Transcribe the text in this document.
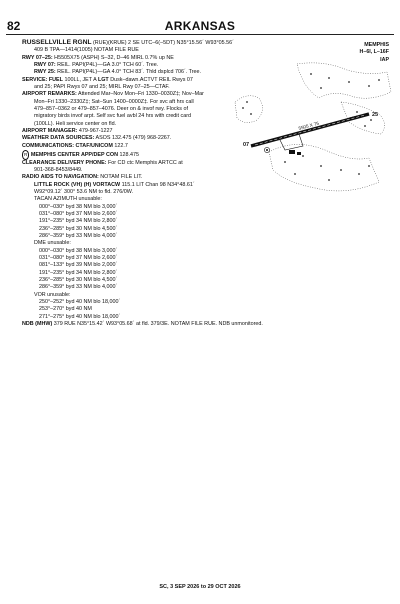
82	ARKANSAS
MEMPHIS
H–6I, L–16F
IAP
RUSSELLVILLE RGNL (RUE)(KRUE) 2 SE UTC–6(–5DT) N35°15.56´ W93°05.56´
409 B TPA—1414(1005) NOTAM FILE RUE
RWY 07–25: H5505X75 (ASPH) S–32, D–46 MIRL 0.7% up NE
RWY 07: REIL. PAPI(P4L)—GA 3.0° TCH 60´. Tree.
RWY 25: REIL. PAPI(P4L)—GA 4.0° TCH 83´. Thld dsplcd 706´. Tree.
SERVICE: FUEL 100LL, JET A LGT Dusk–dawn.ACTVT REIL Rwys 07
and 25; PAPI Rwys 07 and 25; MIRL Rwy 07–25—CTAF.
AIRPORT REMARKS: Attended Mar–Nov Mon–Fri 1330–0030Z‡; Nov–Mar
Mon–Fri 1330–2330Z‡; Sat–Sun 1400–0000Z‡. For svc aft hrs call
479–857–0362 or 479–857–4076. Deer on & invof rwy. Flocks of
migratory birds invof arpt. Self svc fuel avbl 24 hrs with credit card
(100LL). Heli service center on fld.
AIRPORT MANAGER: 479-967-1227
WEATHER DATA SOURCES: ASOS 132.475 (479) 968-2267.
COMMUNICATIONS: CTAF/UNICOM 122.7
R MEMPHIS CENTER APP/DEP CON 128.475
CLEARANCE DELIVERY PHONE: For CD ctc Memphis ARTCC at
901-368-8453/8449.
RADIO AIDS TO NAVIGATION: NOTAM FILE LIT.
LITTLE ROCK (VH) (H) VORTACW 115.1 LIT Chan 98 N34°48.61´
W92°09.12´ 300° 53.6 NM to fld. 276/0W.
TACAN AZIMUTH unusable:
000°–030° byd 38 NM blo 3,000´
031°–080° byd 37 NM blo 2,600´
191°–235° byd 34 NM blo 2,800´
236°–285° byd 30 NM blo 4,500´
286°–359° byd 33 NM blo 4,000´
DME unusable:
000°–030° byd 38 NM blo 3,000´
031°–080° byd 37 NM blo 2,600´
081°–133° byd 39 NM blo 2,000´
191°–235° byd 34 NM blo 2,800´
236°–285° byd 30 NM blo 4,500´
286°–359° byd 33 NM blo 4,000´
VOR unusable:
250°–252° byd 40 NM blo 18,000´
253°–270° byd 40 NM
271°–275° byd 40 NM blo 18,000´
NDB (MHW) 379 RUE N35°15.42´ W93°05.68´ at fld. 379/3E. NOTAM FILE RUE. NDB unmonitored.
07
25
5505 X 75
SC, 3 SEP 2026 to 29 OCT 2026
